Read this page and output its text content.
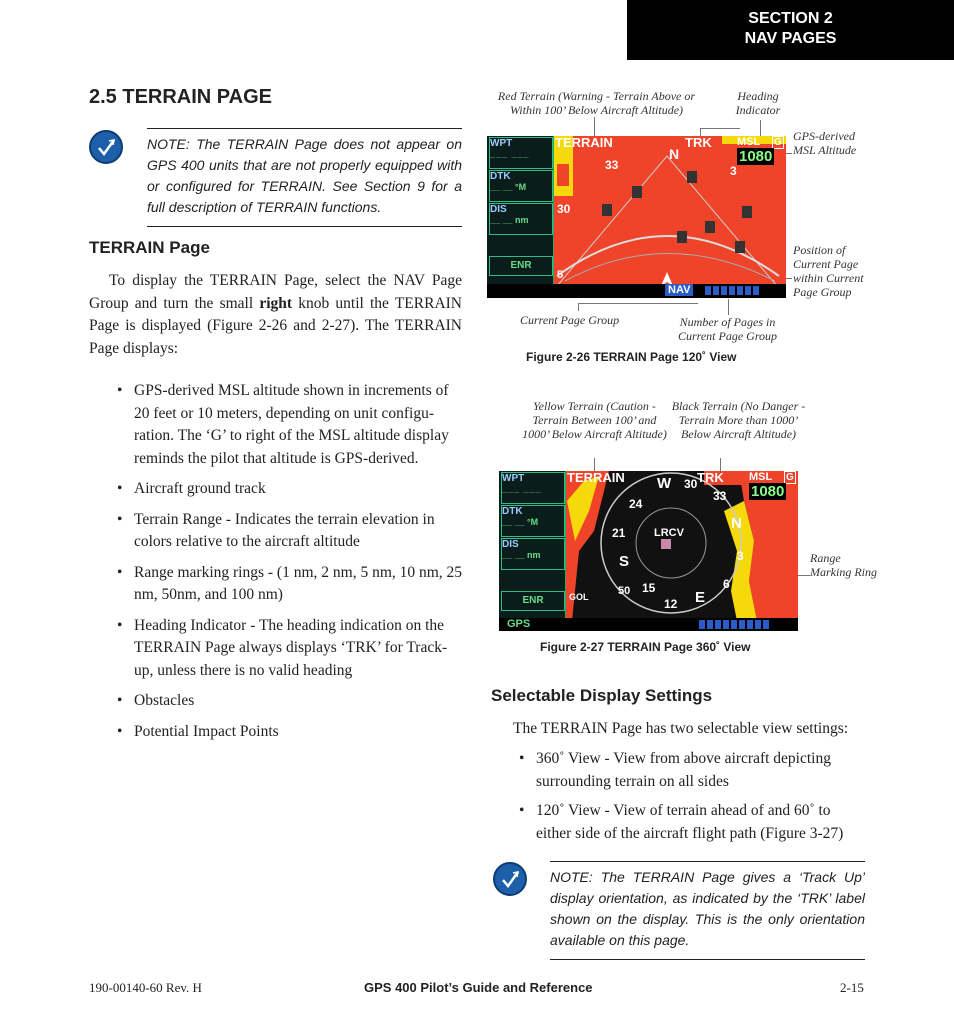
SECTION 2
NAV PAGES
2.5 TERRAIN PAGE
NOTE: The TERRAIN Page does not appear on GPS 400 units that are not properly equipped with or configured for TERRAIN. See Section 9 for a full description of TERRAIN functions.
TERRAIN Page
To display the TERRAIN Page, select the NAV Page Group and turn the small right knob until the TERRAIN Page is displayed (Figure 2-26 and 2-27). The TERRAIN Page displays:
• GPS-derived MSL altitude shown in increments of 20 feet or 10 meters, depending on unit configu-ration. The ‘G’ to right of the MSL altitude display reminds the pilot that altitude is GPS-derived.
• Aircraft ground track
• Terrain Range - Indicates the terrain elevation in colors relative to the aircraft altitude
• Range marking rings - (1 nm, 2 nm, 5 nm, 10 nm, 25 nm, 50nm, and 100 nm)
• Heading Indicator - The heading indication on the TERRAIN Page always displays ‘TRK’ for Track-up, unless there is no valid heading
• Obstacles
• Potential Impact Points
Red Terrain (Warning - Terrain Above or Within 100’ Below Aircraft Altitude)
Heading Indicator
GPS-derived MSL Altitude
Position of Current Page within Current Page Group
Current Page Group	Number of Pages in Current Page Group
WPT
___ ___
DTK
__ __ °M
DIS
__ __ nm
ENR
TERRAIN	TRK MSL G
1080
33
N
3
30
5
NAV
Figure 2-26 TERRAIN Page 120˚ View
Yellow Terrain (Caution - Terrain Between 100’ and 1000’ Below Aircraft Altitude)
Black Terrain (No Danger - Terrain More than 1000’ Below Aircraft Altitude)
Range Marking Ring
WPT
___ ___
DTK
__ __ °M
DIS
__ __ nm
ENR
TERRAIN	TRK MSL G
1080
30
W
24
21
S
15
12 E
6
3
N
33
LRCV
50
GOL
GPS
Figure 2-27 TERRAIN Page 360˚ View
Selectable Display Settings
The TERRAIN Page has two selectable view settings:
• 360˚ View - View from above aircraft depicting surrounding terrain on all sides
• 120˚ View - View of terrain ahead of and 60˚ to either side of the aircraft flight path (Figure 3-27)
NOTE: The TERRAIN Page gives a ‘Track Up’ display orientation, as indicated by the ‘TRK’ label shown on the display. This is the only orientation available on this page.
190-00140-60 Rev. H	GPS 400 Pilot’s Guide and Reference	2-15
